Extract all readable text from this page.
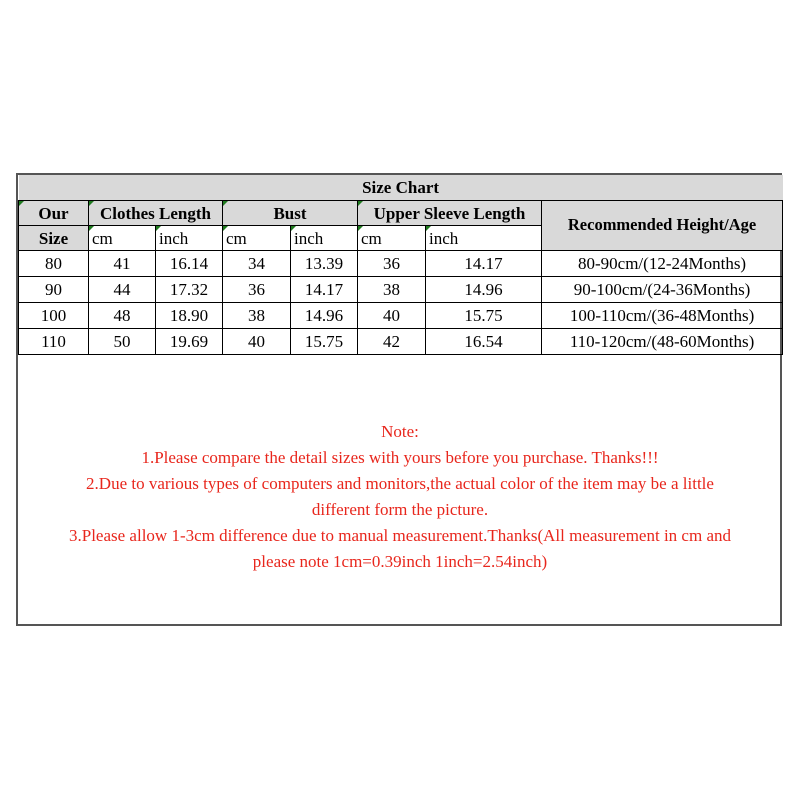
Size Chart							
Our	Clothes Length		Bust		Upper Sleeve Length		Recommended Height/Age
Size	cm	inch	cm	inch	cm	inch	
80	41	16.14	34	13.39	36	14.17	80-90cm/(12-24Months)
90	44	17.32	36	14.17	38	14.96	90-100cm/(24-36Months)
100	48	18.90	38	14.96	40	15.75	100-110cm/(36-48Months)
110	50	19.69	40	15.75	42	16.54	110-120cm/(48-60Months)
Note:
1.Please compare the detail sizes with yours before you purchase. Thanks!!!
2.Due to various types of computers and monitors,the actual color of the item may be a little
different form the picture.
3.Please allow 1-3cm difference due to manual measurement.Thanks(All measurement in cm and
please note 1cm=0.39inch 1inch=2.54inch)
